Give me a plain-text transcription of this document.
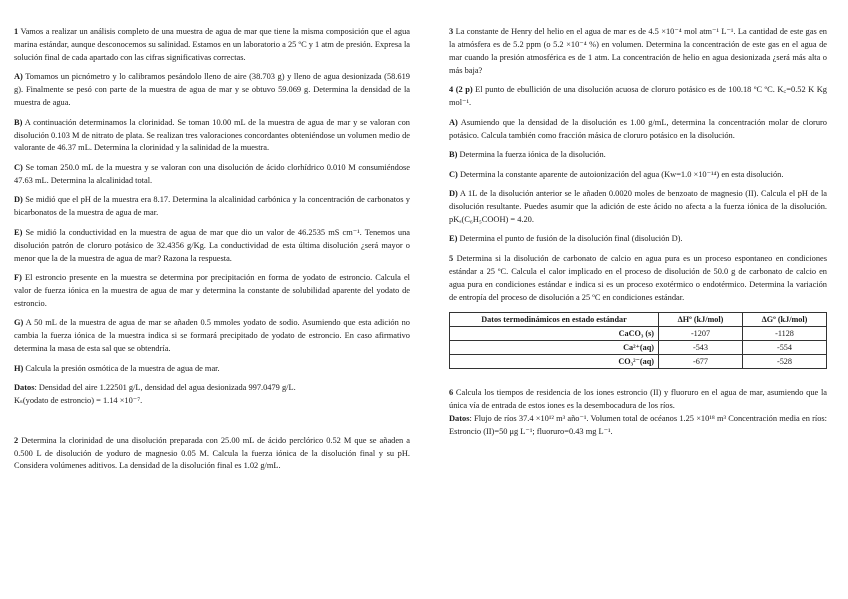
1 Vamos a realizar un análisis completo de una muestra de agua de mar que tiene la misma composición que el agua marina estándar, aunque desconocemos su salinidad. Estamos en un laboratorio a 25 ºC y 1 atm de presión. Expresa la solución final de cada apartado con las cifras significativas correctas.

A) Tomamos un picnómetro y lo calibramos pesándolo lleno de aire (38.703 g) y lleno de agua desionizada (58.619 g). Finalmente se pesó con parte de la muestra de agua de mar y se obtuvo 59.069 g. Determina la densidad de la muestra de agua.

B) A continuación determinamos la clorinidad. Se toman 10.00 mL de la muestra de agua de mar y se valoran con disolución 0.103 M de nitrato de plata. Se realizan tres valoraciones concordantes obteniéndose un volumen medio de valorante de 46.37 mL. Determina la clorinidad y la salinidad de la muestra.

C) Se toman 250.0 mL de la muestra y se valoran con una disolución de ácido clorhídrico 0.010 M consumiéndose 47.63 mL. Determina la alcalinidad total.

D) Se midió que el pH de la muestra era 8.17. Determina la alcalinidad carbónica y la concentración de carbonatos y bicarbonatos de la muestra de agua de mar.

E) Se midió la conductividad en la muestra de agua de mar que dio un valor de 46.2535 mS cm⁻¹. Tenemos una disolución patrón de cloruro potásico de 32.4356 g/Kg. La conductividad de esta última disolución ¿será mayor o menor que la de la muestra de agua de mar? Razona la respuesta.

F) El estroncio presente en la muestra se determina por precipitación en forma de yodato de estroncio. Calcula el valor de fuerza iónica en la muestra de agua de mar y determina la constante de solubilidad aparente del yodato de estroncio.

G) A 50 mL de la muestra de agua de mar se añaden 0.5 mmoles yodato de sodio. Asumiendo que esta adición no cambia la fuerza iónica de la muestra indica si se formará precipitado de yodato de estroncio. En caso afirmativo determina la masa de esta sal que se obtendría.

H) Calcula la presión osmótica de la muestra de agua de mar.

Datos: Densidad del aire 1.22501 g/L, densidad del agua desionizada 997.0479 g/L.
Kₛ(yodato de estroncio) = 1.14 ×10⁻⁷.

2 Determina la clorinidad de una disolución preparada con 25.00 mL de ácido perclórico 0.52 M que se añaden a 0.500 L de disolución de yoduro de magnesio 0.05 M. Calcula la fuerza iónica de la disolución final y su pH. Considera volúmenes aditivos. La densidad de la disolución final es 1.02 g/mL.

3 La constante de Henry del helio en el agua de mar es de 4.5 ×10⁻⁴ mol atm⁻¹ L⁻¹. La cantidad de este gas en la atmósfera es de 5.2 ppm (o 5.2 ×10⁻⁴ %) en volumen. Determina la concentración de este gas en el agua de mar cuando la presión atmosférica es de 1 atm. La concentración de helio en agua desionizada ¿será más alta o más baja?

4 (2 p) El punto de ebullición de una disolución acuosa de cloruro potásico es de 100.18 ºC ºC. K꜀=0.52 K Kg mol⁻¹.

A) Asumiendo que la densidad de la disolución es 1.00 g/mL, determina la concentración molar de cloruro potásico. Calcula también como fracción másica de cloruro potásico en la disolución.

B) Determina la fuerza iónica de la disolución.

C) Determina la constante aparente de autoionización del agua (Kw=1.0 ×10⁻¹⁴) en esta disolución.

D) A 1L de la disolución anterior se le añaden 0.0020 moles de benzoato de magnesio (II). Calcula el pH de la disolución resultante. Puedes asumir que la adición de este ácido no afecta a la fuerza iónica de la disolución. pKₐ(C₆H₅COOH) = 4.20.

E) Determina el punto de fusión de la disolución final (disolución D).

5 Determina si la disolución de carbonato de calcio en agua pura es un proceso espontaneo en condiciones estándar a 25 ºC. Calcula el calor implicado en el proceso de disolución de 50.0 g de carbonato de calcio en agua pura en condiciones estándar e indica si es un proceso exotérmico o endotérmico. Determina la variación de entropía del proceso de disolución a 25 ºC en condiciones estándar.

Datos termodinámicos en estado estándar	ΔHº (kJ/mol)	ΔGº (kJ/mol)
CaCO₃ (s)	-1207	-1128
Ca²⁺(aq)	-543	-554
CO₃²⁻(aq)	-677	-528

6 Calcula los tiempos de residencia de los iones estroncio (II) y fluoruro en el agua de mar, asumiendo que la única vía de entrada de estos iones es la desembocadura de los ríos.
Datos: Flujo de ríos 37.4 ×10¹² m³ año⁻¹. Volumen total de océanos 1.25 ×10¹⁸ m³ Concentración media en ríos: Estroncio (II)=50 μg L⁻¹; fluoruro=0.43 mg L⁻¹.
